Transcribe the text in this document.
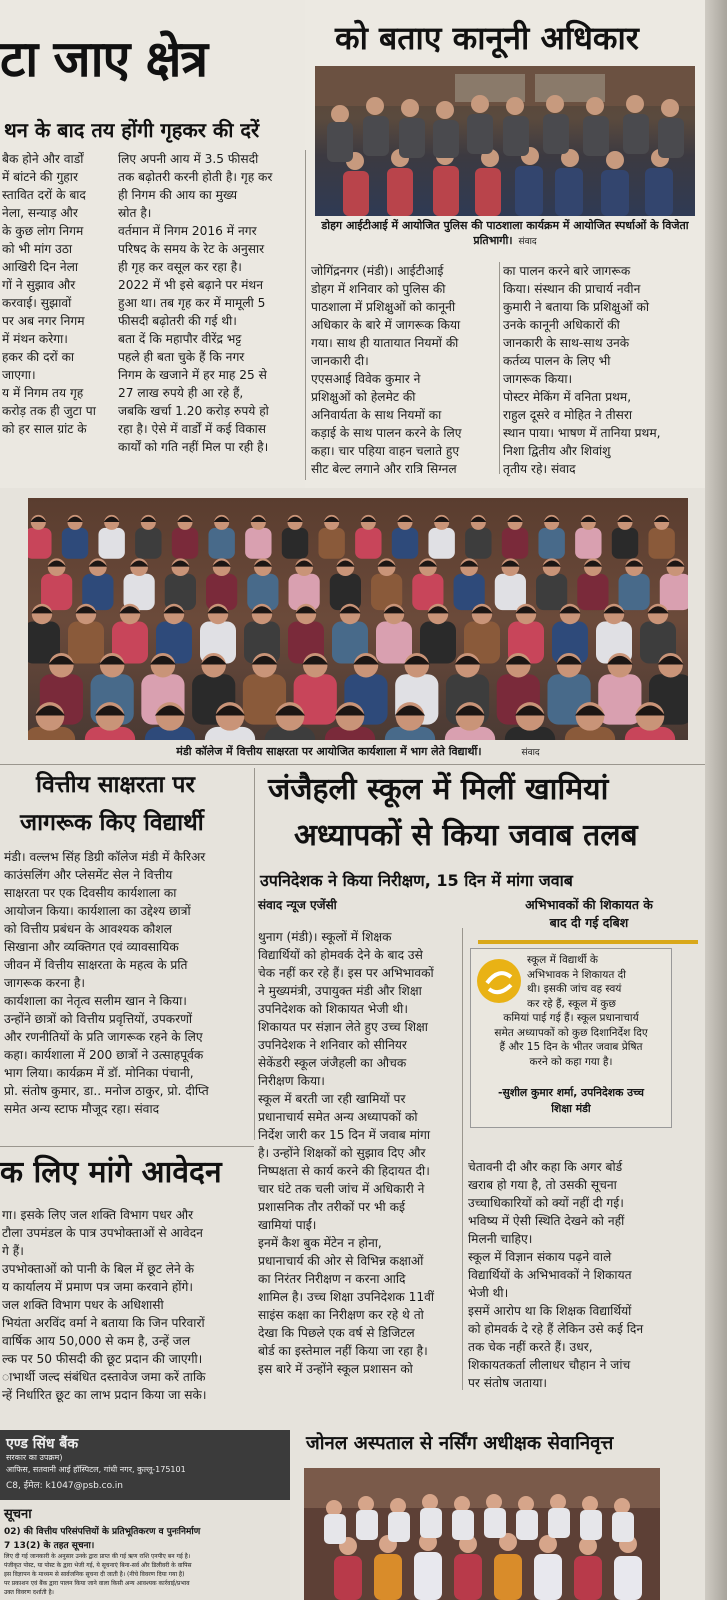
टा जाए क्षेत्र
थन के बाद तय होंगी गृहकर की दरें
बैक होने और वार्डों
में बांटने की गुहार
स्तावित दरों के बाद
नेला, सन्याड़ और
के कुछ लोग निगम
को भी मांग उठा
आखिरी दिन नेला
गों ने सुझाव और
करवाई। सुझावों
पर अब नगर निगम
में मंथन करेगा।
हकर की दरों का
जाएगा।
य में निगम तय गृह
करोड़ तक ही जुटा पा
को हर साल ग्रांट के
लिए अपनी आय में 3.5 फीसदी
तक बढ़ोतरी करनी होती है। गृह कर
ही निगम की आय का मुख्य
स्रोत है।
वर्तमान में निगम 2016 में नगर
परिषद के समय के रेट के अनुसार
ही गृह कर वसूल कर रहा है।
2022 में भी इसे बढ़ाने पर मंथन
हुआ था। तब गृह कर में मामूली 5
फीसदी बढ़ोतरी की गई थी।
बता दें कि महापौर वीरेंद्र भट्ट
पहले ही बता चुके हैं कि नगर
निगम के खजाने में हर माह 25 से
27 लाख रुपये ही आ रहे हैं,
जबकि खर्चा 1.20 करोड़ रुपये हो
रहा है। ऐसे में वार्डों में कई विकास
कार्यों को गति नहीं मिल पा रही है।
को बताए कानूनी अधिकार
डोहग आईटीआई में आयोजित पुलिस की पाठशाला कार्यक्रम में आयोजित स्पर्धाओं के विजेता प्रतिभागी। संवाद
जोगिंद्रनगर (मंडी)। आईटीआई
डोहग में शनिवार को पुलिस की
पाठशाला में प्रशिक्षुओं को कानूनी
अधिकार के बारे में जागरूक किया
गया। साथ ही यातायात नियमों की
जानकारी दी।
एएसआई विवेक कुमार ने
प्रशिक्षुओं को हेलमेट की
अनिवार्यता के साथ नियमों का
कड़ाई के साथ पालन करने के लिए
कहा। चार पहिया वाहन चलाते हुए
सीट बेल्ट लगाने और रात्रि सिग्नल
का पालन करने बारे जागरूक
किया। संस्थान की प्राचार्य नवीन
कुमारी ने बताया कि प्रशिक्षुओं को
उनके कानूनी अधिकारों की
जानकारी के साथ-साथ उनके
कर्तव्य पालन के लिए भी
जागरूक किया।
पोस्टर मेकिंग में वनिता प्रथम,
राहुल दूसरे व मोहित ने तीसरा
स्थान पाया। भाषण में तानिया प्रथम,
निशा द्वितीय और शिवांशु
तृतीय रहे। संवाद
मंडी कॉलेज में वित्तीय साक्षरता पर आयोजित कार्यशाला में भाग लेते विद्यार्थी।	संवाद
वित्तीय साक्षरता पर
जागरूक किए विद्यार्थी
मंडी। वल्लभ सिंह डिग्री कॉलेज मंडी में कैरिअर
काउंसलिंग और प्लेसमेंट सेल ने वित्तीय
साक्षरता पर एक दिवसीय कार्यशाला का
आयोजन किया। कार्यशाला का उद्देश्य छात्रों
को वित्तीय प्रबंधन के आवश्यक कौशल
सिखाना और व्यक्तिगत एवं व्यावसायिक
जीवन में वित्तीय साक्षरता के महत्व के प्रति
जागरूक करना है।
कार्यशाला का नेतृत्व सलीम खान ने किया।
उन्होंने छात्रों को वित्तीय प्रवृत्तियों, उपकरणों
और रणनीतियों के प्रति जागरूक रहने के लिए
कहा। कार्यशाला में 200 छात्रों ने उत्साहपूर्वक
भाग लिया। कार्यक्रम में डॉ. मोनिका पंचानी,
प्रो. संतोष कुमार, डा.. मनोज ठाकुर, प्रो. दीप्ति
समेत अन्य स्टाफ मौजूद रहा। संवाद
क लिए मांगे आवेदन
गा। इसके लिए जल शक्ति विभाग पधर और
टौला उपमंडल के पात्र उपभोक्ताओं से आवेदन
गे हैं।
उपभोक्ताओं को पानी के बिल में छूट लेने के
य कार्यालय में प्रमाण पत्र जमा करवाने होंगे।
जल शक्ति विभाग पधर के अधिशासी
भियंता अरविंद वर्मा ने बताया कि जिन परिवारों
वार्षिक आय 50,000 से कम है, उन्हें जल
ल्क पर 50 फीसदी की छूट प्रदान की जाएगी।
ाभार्थी जल्द संबंधित दस्तावेज जमा करें ताकि
न्हें निर्धारित छूट का लाभ प्रदान किया जा सके।
जंजैहली स्कूल में मिलीं खामियां
अध्यापकों से किया जवाब तलब
उपनिदेशक ने किया निरीक्षण, 15 दिन में मांगा जवाब
संवाद न्यूज एजेंसी
थुनाग (मंडी)। स्कूलों में शिक्षक
विद्यार्थियों को होमवर्क देने के बाद उसे
चेक नहीं कर रहे हैं। इस पर अभिभावकों
ने मुख्यमंत्री, उपायुक्त मंडी और शिक्षा
उपनिदेशक को शिकायत भेजी थी।
शिकायत पर संज्ञान लेते हुए उच्च शिक्षा
उपनिदेशक ने शनिवार को सीनियर
सेकेंडरी स्कूल जंजैहली का औचक
निरीक्षण किया।
स्कूल में बरती जा रही खामियों पर
प्रधानाचार्य समेत अन्य अध्यापकों को
निर्देश जारी कर 15 दिन में जवाब मांगा
है। उन्होंने शिक्षकों को सुझाव दिए और
निष्पक्षता से कार्य करने की हिदायत दी।
चार घंटे तक चली जांच में अधिकारी ने
प्रशासनिक तौर तरीकों पर भी कई
खामियां पाईं।
इनमें कैश बुक मेंटेन न होना,
प्रधानाचार्य की ओर से विभिन्न कक्षाओं
का निरंतर निरीक्षण न करना आदि
शामिल है। उच्च शिक्षा उपनिदेशक 11वीं
साइंस कक्षा का निरीक्षण कर रहे थे तो
देखा कि पिछले एक वर्ष से डिजिटल
बोर्ड का इस्तेमाल नहीं किया जा रहा है।
इस बारे में उन्होंने स्कूल प्रशासन को
अभिभावकों की शिकायत के
बाद दी गई दबिश
स्कूल में विद्यार्थी के
अभिभावक ने शिकायत दी
थी। इसकी जांच वह स्वयं
कर रहे हैं, स्कूल में कुछ
कमियां पाई गई हैं। स्कूल प्रधानाचार्य
समेत अध्यापकों को कुछ दिशानिर्देश दिए
हैं और 15 दिन के भीतर जवाब प्रेषित
करने को कहा गया है।
-सुशील कुमार शर्मा, उपनिदेशक उच्च
शिक्षा मंडी
चेतावनी दी और कहा कि अगर बोर्ड
खराब हो गया है, तो उसकी सूचना
उच्चाधिकारियों को क्यों नहीं दी गई।
भविष्य में ऐसी स्थिति देखने को नहीं
मिलनी चाहिए।
स्कूल में विज्ञान संकाय पढ़ने वाले
विद्यार्थियों के अभिभावकों ने शिकायत
भेजी थी।
इसमें आरोप था कि शिक्षक विद्यार्थियों
को होमवर्क दे रहे हैं लेकिन उसे कई दिन
तक चेक नहीं करते हैं। उधर,
शिकायतकर्ता लीलाधर चौहान ने जांच
पर संतोष जताया।
एण्ड सिंध बैंक
सरकार का उपक्रम)
आफिस, सतवानी आई हॉस्पिटल, गांधी नगर, कुल्लू-175101
C8, ईमेल: k1047@psb.co.in
सूचना
02) की वित्तीय परिसंपत्तियों के प्रतिभूतिकरण व पुनःनिर्माण
7 13(2) के तहत सूचना।
लिए दी गई जानकारी के अनुसार उनके द्वारा प्राप्त की गई ऋण राशि एनपीए बन गई है।
पंजीकृत पोस्ट, या पोस्ट के द्वारा भेजी गई, ये सूचनाएं बिना-सर्व और डिलीवरी के वापिस
इस विज्ञापन के माध्यम से सार्वजनिक सूचना दी जाती है। (नीचे विवरण दिया गया है)
पर प्रकाशन एवं बैंक द्वारा पालन किया जाने वाला किसी अन्य आवश्यक कार्रवाई/प्रभाव
उक्त विवरण दर्शाती है।
जोनल अस्पताल से नर्सिंग अधीक्षक सेवानिवृत्त
